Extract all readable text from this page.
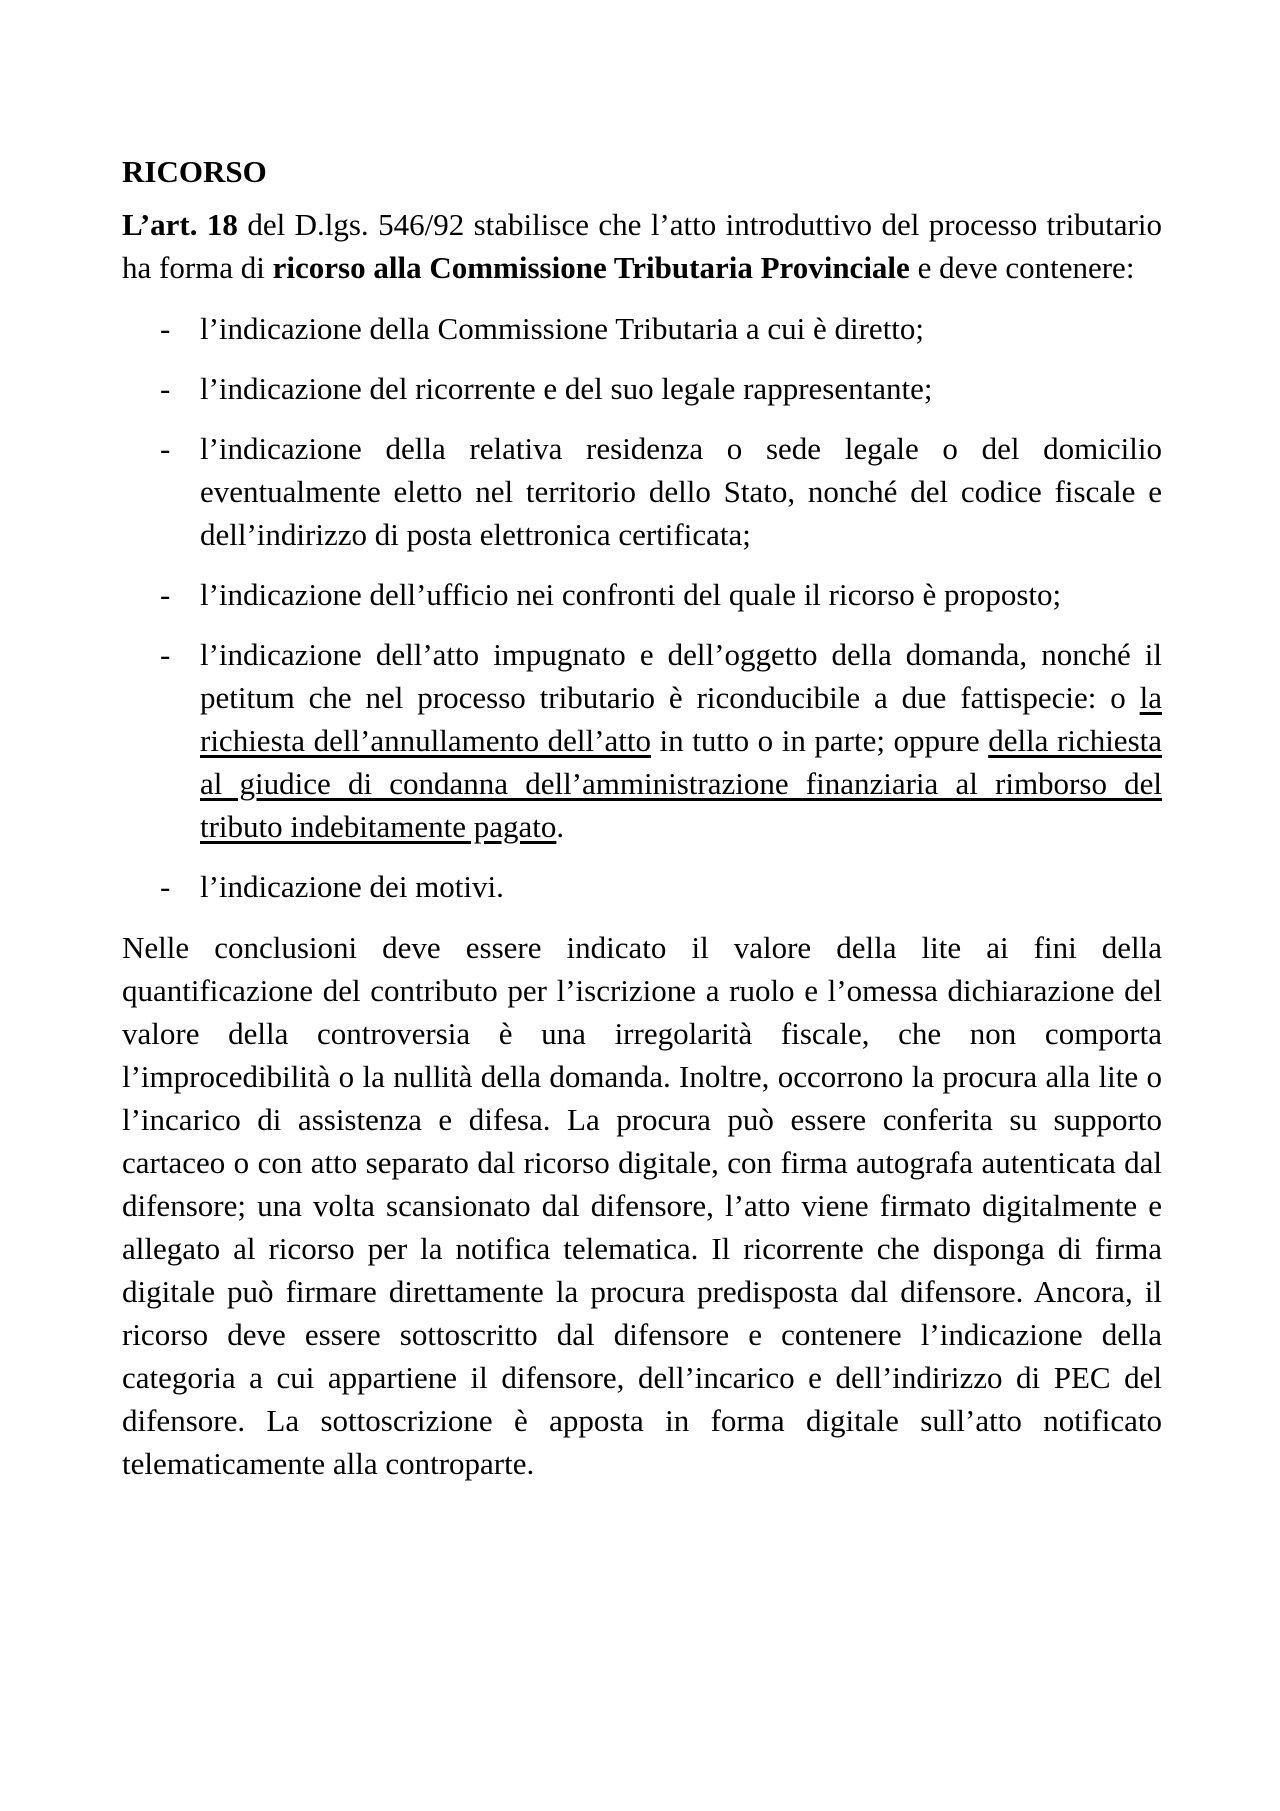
RICORSO

L’art. 18 del D.lgs. 546/92 stabilisce che l’atto introduttivo del processo tributario ha forma di ricorso alla Commissione Tributaria Provinciale e deve contenere:

- l’indicazione della Commissione Tributaria a cui è diretto;
- l’indicazione del ricorrente e del suo legale rappresentante;
- l’indicazione della relativa residenza o sede legale o del domicilio eventualmente eletto nel territorio dello Stato, nonché del codice fiscale e dell’indirizzo di posta elettronica certificata;
- l’indicazione dell’ufficio nei confronti del quale il ricorso è proposto;
- l’indicazione dell’atto impugnato e dell’oggetto della domanda, nonché il petitum che nel processo tributario è riconducibile a due fattispecie: o la richiesta dell’annullamento dell’atto in tutto o in parte; oppure della richiesta al giudice di condanna dell’amministrazione finanziaria al rimborso del tributo indebitamente pagato.
- l’indicazione dei motivi.

Nelle conclusioni deve essere indicato il valore della lite ai fini della quantificazione del contributo per l’iscrizione a ruolo e l’omessa dichiarazione del valore della controversia è una irregolarità fiscale, che non comporta l’improcedibilità o la nullità della domanda. Inoltre, occorrono la procura alla lite o l’incarico di assistenza e difesa. La procura può essere conferita su supporto cartaceo o con atto separato dal ricorso digitale, con firma autografa autenticata dal difensore; una volta scansionato dal difensore, l’atto viene firmato digitalmente e allegato al ricorso per la notifica telematica. Il ricorrente che disponga di firma digitale può firmare direttamente la procura predisposta dal difensore. Ancora, il ricorso deve essere sottoscritto dal difensore e contenere l’indicazione della categoria a cui appartiene il difensore, dell’incarico e dell’indirizzo di PEC del difensore. La sottoscrizione è apposta in forma digitale sull’atto notificato telematicamente alla controparte.
